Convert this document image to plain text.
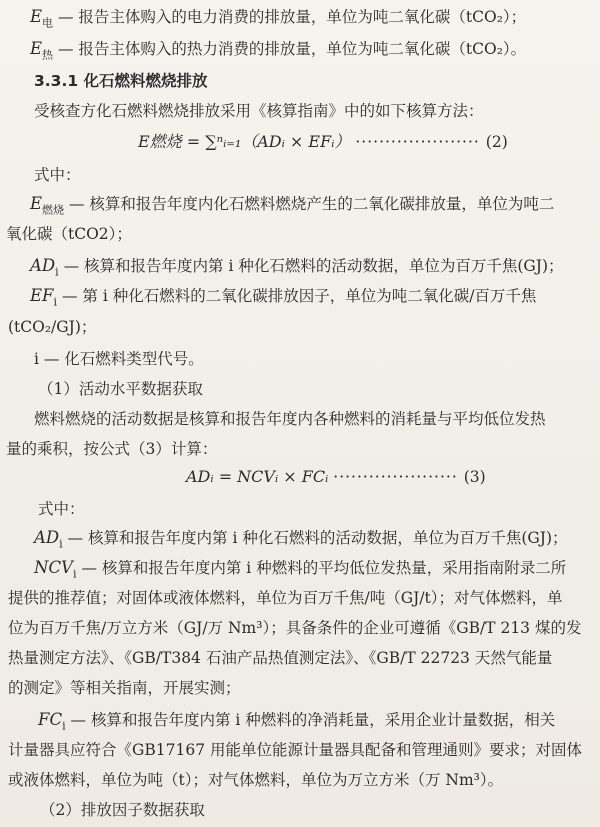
$E_电$ — 报告主体购入的电力消费的排放量，单位为吨二氧化碳（tCO₂）；
$E_热$ — 报告主体购入的热力消费的排放量，单位为吨二氧化碳（tCO₂）。
3.3.1 化石燃料燃烧排放
受核查方化石燃料燃烧排放采用《核算指南》中的如下核算方法：
E燃烧 = ∑ⁿᵢ₌₁（ADᵢ × EFᵢ） ····················· (2)
式中：
$E_{燃烧}$ — 核算和报告年度内化石燃料燃烧产生的二氧化碳排放量，单位为吨二
氧化碳（tCO2）；
$AD_i$ — 核算和报告年度内第 i 种化石燃料的活动数据，单位为百万千焦(GJ)；
$EF_i$ — 第 i 种化石燃料的二氧化碳排放因子，单位为吨二氧化碳/百万千焦
(tCO₂/GJ)；
i — 化石燃料类型代号。
（1）活动水平数据获取
燃料燃烧的活动数据是核算和报告年度内各种燃料的消耗量与平均低位发热
量的乘积，按公式（3）计算：
ADᵢ = NCVᵢ × FCᵢ ····················· (3)
式中：
$AD_i$ — 核算和报告年度内第 i 种化石燃料的活动数据，单位为百万千焦(GJ)；
$NCV_i$ — 核算和报告年度内第 i 种燃料的平均低位发热量，采用指南附录二所
提供的推荐值；对固体或液体燃料，单位为百万千焦/吨（GJ/t）；对气体燃料，单
位为百万千焦/万立方米（GJ/万 Nm³）；具备条件的企业可遵循《GB/T 213 煤的发
热量测定方法》、《GB/T384 石油产品热值测定法》、《GB/T 22723 天然气能量
的测定》等相关指南，开展实测；
$FC_i$ — 核算和报告年度内第 i 种燃料的净消耗量，采用企业计量数据，相关
计量器具应符合《GB17167 用能单位能源计量器具配备和管理通则》要求；对固体
或液体燃料，单位为吨（t）；对气体燃料，单位为万立方米（万 Nm³）。
（2）排放因子数据获取
